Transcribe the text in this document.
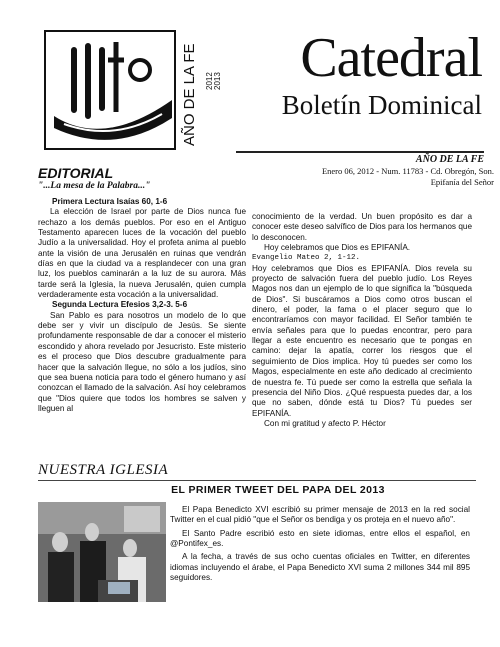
AÑO DE LA FE 2012 2013	Catedral
Boletín Dominical
AÑO DE LA FE
Enero 06, 2012 - Num. 11783 - Cd. Obregón, Son.
Epifanía del Señor
EDITORIAL
"...La mesa de la Palabra..."

Primera Lectura Isaías 60, 1-6

La elección de Israel por parte de Dios nunca fue rechazo a los demás pueblos. Por eso en el Antiguo Testamento aparecen luces de la vocación del pueblo Judío a la universalidad. Hoy el profeta anima al pueblo ante la visión de una Jerusalén en ruinas que vendrán días en que la ciudad va a resplandecer con una gran luz, los pueblos caminarán a la luz de su aurora. Más tarde será la Iglesia, la nueva Jerusalén, quien cumpla verdaderamente esta vocación a la universalidad.

Segunda Lectura Efesios 3,2-3. 5-6

San Pablo es para nosotros un modelo de lo que debe ser y vivir un discípulo de Jesús. Se siente profundamente responsable de dar a conocer el misterio escondido y ahora revelado por Jesucristo. Este misterio es el proceso que Dios descubre gradualmente para hacer que la salvación llegue, no sólo a los judíos, sino que sea buena noticia para todo el género humano y así conozcan el llamado de la salvación. Así hoy celebramos que "Dios quiere que todos los hombres se salven y lleguen al

conocimiento de la verdad. Un buen propósito es dar a conocer este deseo salvífico de Dios para los hermanos que lo desconocen.

Hoy celebramos que Dios es EPIFANÍA.

Evangelio Mateo 2, 1-12.

Hoy celebramos que Dios es EPIFANÍA. Dios revela su proyecto de salvación fuera del pueblo judío. Los Reyes Magos nos dan un ejemplo de lo que significa la "búsqueda de Dios". Si buscáramos a Dios como otros buscan el dinero, el poder, la fama o el placer seguro que lo encontraríamos con mayor facilidad. El Señor también te envía señales para que lo puedas encontrar, pero para llegar a este encuentro es necesario que te pongas en camino: dejar la apatía, correr los riesgos que el seguimiento de Dios implica. Hoy tú puedes ser como los Magos, especialmente en este año dedicado al crecimiento de nuestra fe. Tú puede ser como la estrella que señala la presencia del Niño Dios. ¿Qué respuesta puedes dar, a los que no saben, dónde está tu Dios? Tú puedes ser EPIFANÍA.

Con mi gratitud y afecto P. Héctor

NUESTRA IGLESIA
EL PRIMER TWEET DEL PAPA DEL 2013

El Papa Benedicto XVI escribió su primer mensaje de 2013 en la red social Twitter en el cual pidió "que el Señor os bendiga y os proteja en el nuevo año".

El Santo Padre escribió esto en siete idiomas, entre ellos el español, en @Pontifex_es.

A la fecha, a través de sus ocho cuentas oficiales en Twitter, en diferentes idiomas incluyendo el árabe, el Papa Benedicto XVI suma 2 millones 344 mil 895 seguidores.
